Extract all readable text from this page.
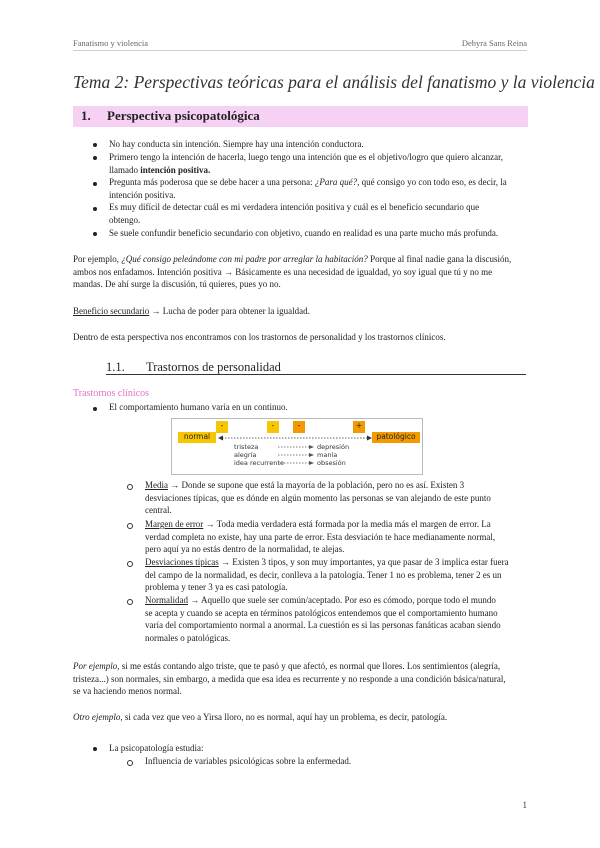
Fanatismo y violencia	Dehyra Sans Reina
Tema 2: Perspectivas teóricas para el análisis del fanatismo y la violencia
1. Perspectiva psicopatológica
No hay conducta sin intención. Siempre hay una intención conductora.
Primero tengo la intención de hacerla, luego tengo una intención que es el objetivo/logro que quiero alcanzar,
llamado intención positiva.
Pregunta más poderosa que se debe hacer a una persona: ¿Para qué?, qué consigo yo con todo eso, es decir, la
intención positiva.
Es muy difícil de detectar cuál es mi verdadera intención positiva y cuál es el beneficio secundario que
obtengo.
Se suele confundir beneficio secundario con objetivo, cuando en realidad es una parte mucho más profunda.
Por ejemplo, ¿Qué consigo peleándome con mi padre por arreglar la habitación? Porque al final nadie gana la discusión,
ambos nos enfadamos. Intención positiva → Básicamente es una necesidad de igualdad, yo soy igual que tú y no me
mandas. De ahí surge la discusión, tú quieres, pues yo no.
Beneficio secundario → Lucha de poder para obtener la igualdad.
Dentro de esta perspectiva nos encontramos con los trastornos de personalidad y los trastornos clínicos.
1.1. Trastornos de personalidad
Trastornos clínicos
El comportamiento humano varía en un continuo.
-	-	-	+
normal	patológico
tristeza
alegría
idea recurrente
depresión
manía
obsesión
Media → Donde se supone que está la mayoría de la población, pero no es así. Existen 3
desviaciones típicas, que es dónde en algún momento las personas se van alejando de este punto
central.
Margen de error → Toda media verdadera está formada por la media más el margen de error. La
verdad completa no existe, hay una parte de error. Esta desviación te hace medianamente normal,
pero aquí ya no estás dentro de la normalidad, te alejas.
Desviaciones típicas → Existen 3 tipos, y son muy importantes, ya que pasar de 3 implica estar fuera
del campo de la normalidad, es decir, conlleva a la patología. Tener 1 no es problema, tener 2 es un
problema y tener 3 ya es casi patología.
Normalidad → Aquello que suele ser común/aceptado. Por eso es cómodo, porque todo el mundo
se acepta y cuando se acepta en términos patológicos entendemos que el comportamiento humano
varía del comportamiento normal a anormal. La cuestión es si las personas fanáticas acaban siendo
normales o patológicas.
Por ejemplo, si me estás contando algo triste, que te pasó y que afectó, es normal que llores. Los sentimientos (alegría,
tristeza...) son normales, sin embargo, a medida que esa idea es recurrente y no responde a una condición básica/natural,
se va haciendo menos normal.
Otro ejemplo, si cada vez que veo a Yirsa lloro, no es normal, aquí hay un problema, es decir, patología.
La psicopatología estudia:
Influencia de variables psicológicas sobre la enfermedad.
1
